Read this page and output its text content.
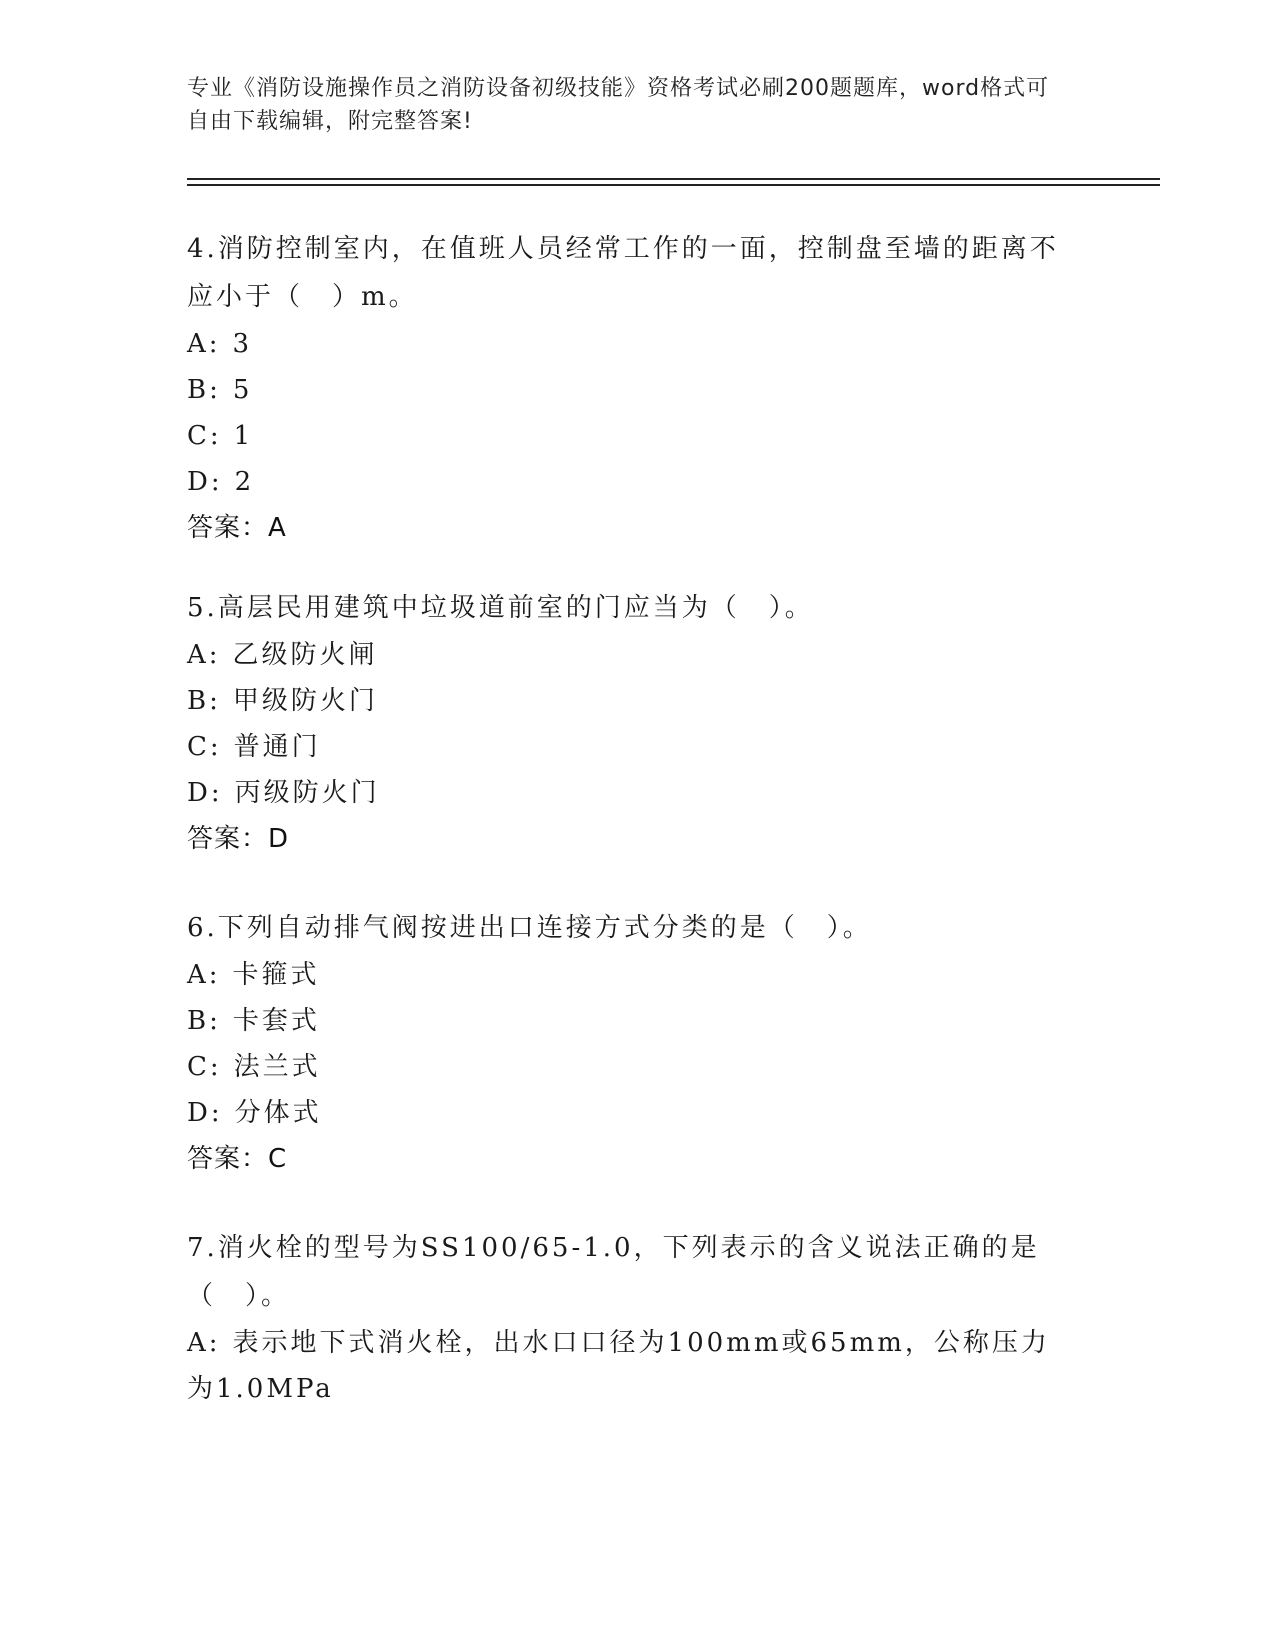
专业《消防设施操作员之消防设备初级技能》资格考试必刷200题题库，word格式可自由下载编辑，附完整答案!
4.消防控制室内，在值班人员经常工作的一面，控制盘至墙的距离不应小于（　）m。
A: 3
B: 5
C: 1
D: 2
答案：A
5.高层民用建筑中垃圾道前室的门应当为（　）。
A: 乙级防火闸
B: 甲级防火门
C: 普通门
D: 丙级防火门
答案：D
6.下列自动排气阀按进出口连接方式分类的是（　）。
A: 卡箍式
B: 卡套式
C: 法兰式
D: 分体式
答案：C
7.消火栓的型号为SS100/65-1.0，下列表示的含义说法正确的是（　）。
A: 表示地下式消火栓，出水口口径为100mm或65mm，公称压力为1.0MPa
